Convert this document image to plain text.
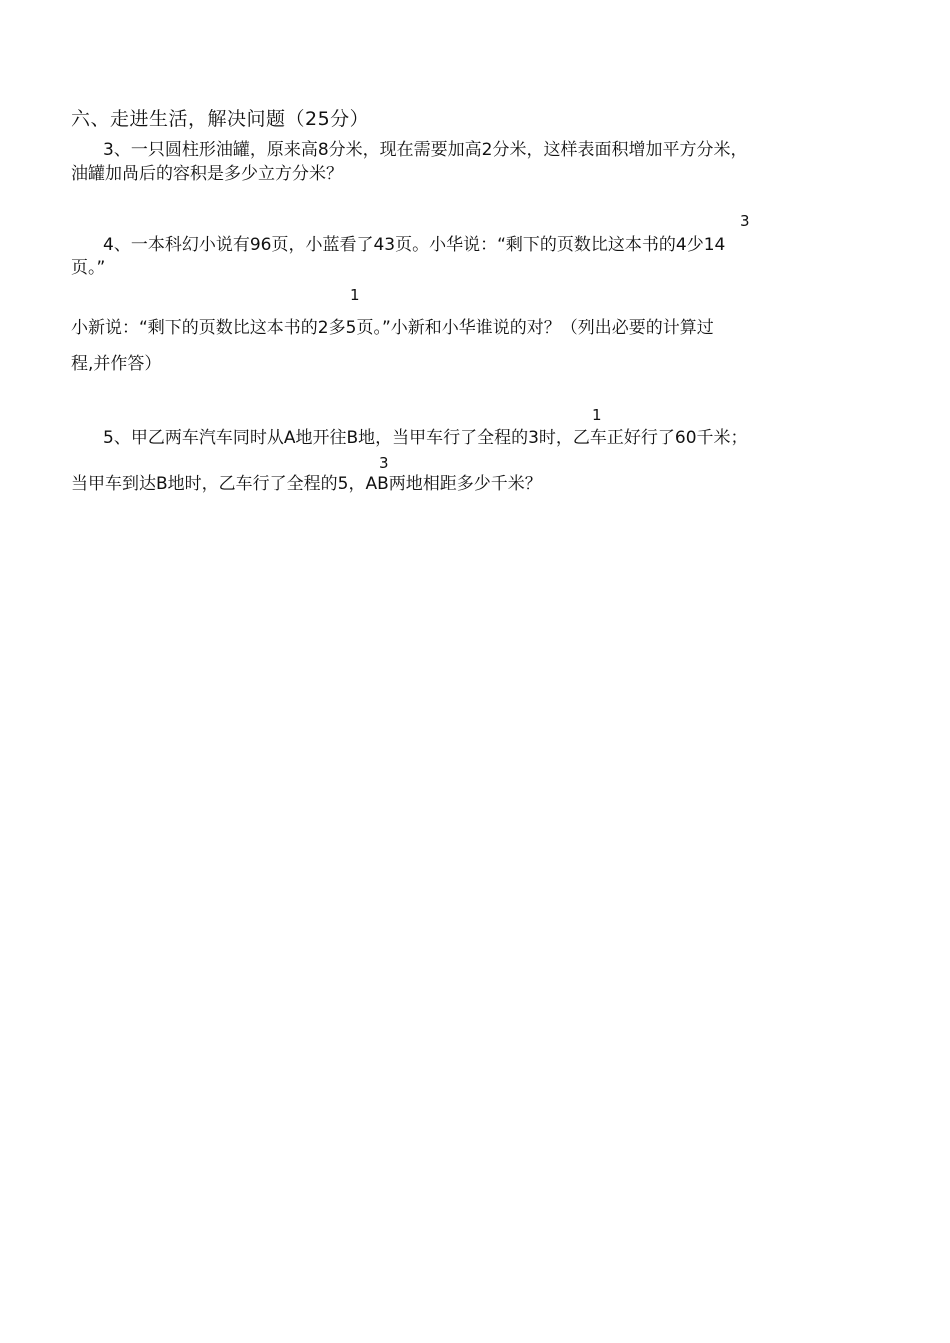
六、走进生活，解决问题（25分）
3、一只圆柱形油罐，原来高8分米，现在需要加高2分米，这样表面积增加平方分米，
油罐加咼后的容积是多少立方分米？
3
4、一本科幻小说有96页，小蓝看了43页。小华说：“剩下的页数比这本书的4少14
页。”
1
小新说：“剩下的页数比这本书的2多5页。”小新和小华谁说的对？（列出必要的计算过
程,并作答）
1
5、甲乙两车汽车同时从A地开往B地，当甲车行了全程的3时，乙车正好行了60千米；
3
当甲车到达B地时，乙车行了全程的5，AB两地相距多少千米？
